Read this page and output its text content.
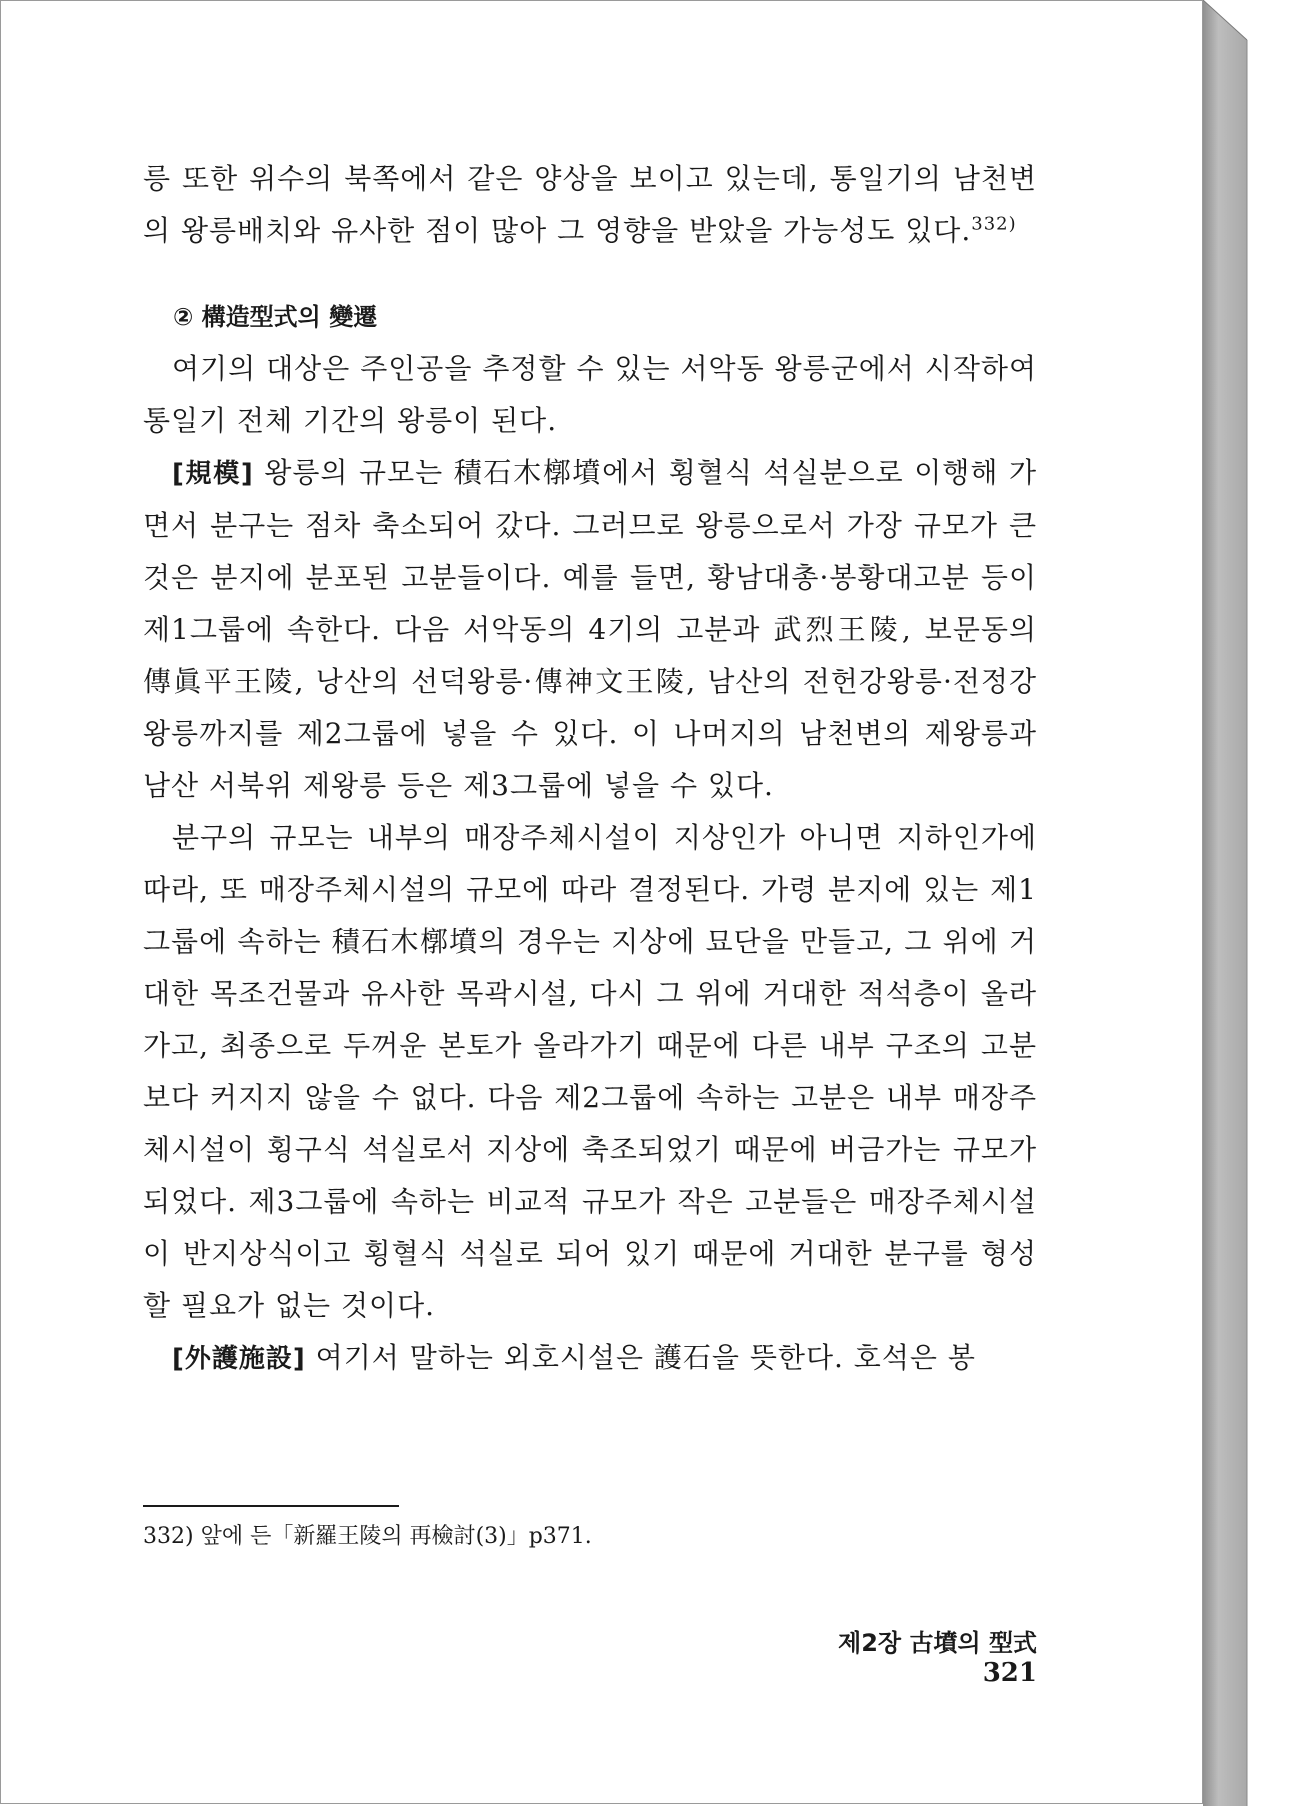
릉 또한 위수의 북쪽에서 같은 양상을 보이고 있는데, 통일기의 남천변의 왕릉배치와 유사한 점이 많아 그 영향을 받았을 가능성도 있다.$^{332)}$

② 構造型式의 變遷

여기의 대상은 주인공을 추정할 수 있는 서악동 왕릉군에서 시작하여 통일기 전체 기간의 왕릉이 된다.

[規模] 왕릉의 규모는 積石木槨墳에서 횡혈식 석실분으로 이행해 가면서 분구는 점차 축소되어 갔다. 그러므로 왕릉으로서 가장 규모가 큰 것은 분지에 분포된 고분들이다. 예를 들면, 황남대총·봉황대고분 등이 제1그룹에 속한다. 다음 서악동의 4기의 고분과 武烈王陵, 보문동의 傳眞平王陵, 낭산의 선덕왕릉·傳神文王陵, 남산의 전헌강왕릉·전정강왕릉까지를 제2그룹에 넣을 수 있다. 이 나머지의 남천변의 제왕릉과 남산 서북위 제왕릉 등은 제3그룹에 넣을 수 있다.

분구의 규모는 내부의 매장주체시설이 지상인가 아니면 지하인가에 따라, 또 매장주체시설의 규모에 따라 결정된다. 가령 분지에 있는 제1그룹에 속하는 積石木槨墳의 경우는 지상에 묘단을 만들고, 그 위에 거대한 목조건물과 유사한 목곽시설, 다시 그 위에 거대한 적석층이 올라가고, 최종으로 두꺼운 본토가 올라가기 때문에 다른 내부 구조의 고분보다 커지지 않을 수 없다. 다음 제2그룹에 속하는 고분은 내부 매장주체시설이 횡구식 석실로서 지상에 축조되었기 때문에 버금가는 규모가 되었다. 제3그룹에 속하는 비교적 규모가 작은 고분들은 매장주체시설이 반지상식이고 횡혈식 석실로 되어 있기 때문에 거대한 분구를 형성할 필요가 없는 것이다.

[外護施設] 여기서 말하는 외호시설은 護石을 뜻한다. 호석은 봉

332) 앞에 든「新羅王陵의 再檢討(3)」p371.
제2장 古墳의 型式321
